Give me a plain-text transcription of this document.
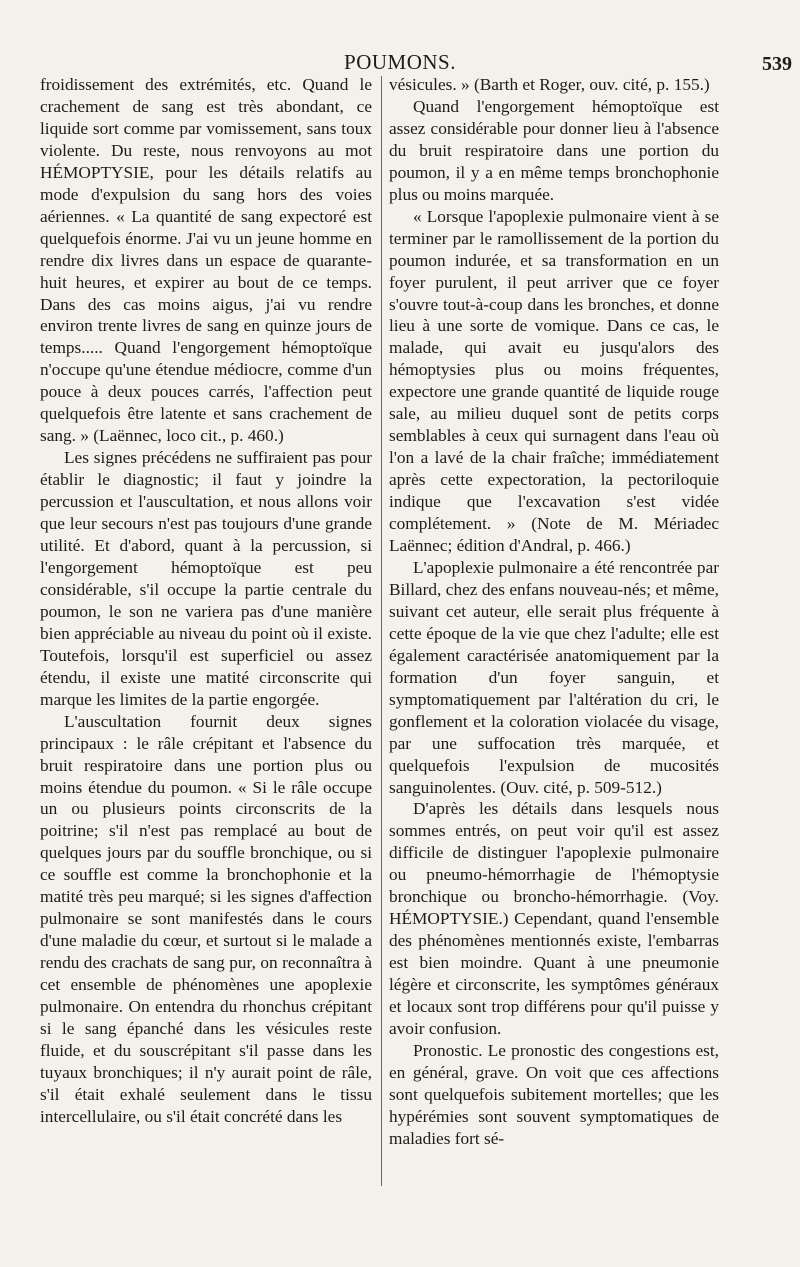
POUMONS.	539

froidissement des extrémités, etc. Quand le crachement de sang est très abondant, ce liquide sort comme par vomissement, sans toux violente. Du reste, nous renvoyons au mot HÉMOPTYSIE, pour les détails relatifs au mode d'expulsion du sang hors des voies aériennes. « La quantité de sang expectoré est quelquefois énorme. J'ai vu un jeune homme en rendre dix livres dans un espace de quarante-huit heures, et expirer au bout de ce temps. Dans des cas moins aigus, j'ai vu rendre environ trente livres de sang en quinze jours de temps..... Quand l'engorgement hémoptoïque n'occupe qu'une étendue médiocre, comme d'un pouce à deux pouces carrés, l'affection peut quelquefois être latente et sans crachement de sang. » (Laënnec, loco cit., p. 460.)

Les signes précédens ne suffiraient pas pour établir le diagnostic; il faut y joindre la percussion et l'auscultation, et nous allons voir que leur secours n'est pas toujours d'une grande utilité. Et d'abord, quant à la percussion, si l'engorgement hémoptoïque est peu considérable, s'il occupe la partie centrale du poumon, le son ne variera pas d'une manière bien appréciable au niveau du point où il existe. Toutefois, lorsqu'il est superficiel ou assez étendu, il existe une matité circonscrite qui marque les limites de la partie engorgée.

L'auscultation fournit deux signes principaux : le râle crépitant et l'absence du bruit respiratoire dans une portion plus ou moins étendue du poumon. « Si le râle occupe un ou plusieurs points circonscrits de la poitrine; s'il n'est pas remplacé au bout de quelques jours par du souffle bronchique, ou si ce souffle est comme la bronchophonie et la matité très peu marqué; si les signes d'affection pulmonaire se sont manifestés dans le cours d'une maladie du cœur, et surtout si le malade a rendu des crachats de sang pur, on reconnaîtra à cet ensemble de phénomènes une apoplexie pulmonaire. On entendra du rhonchus crépitant si le sang épanché dans les vésicules reste fluide, et du souscrépitant s'il passe dans les tuyaux bronchiques; il n'y aurait point de râle, s'il était exhalé seulement dans le tissu intercellulaire, ou s'il était concrété dans les

vésicules. » (Barth et Roger, ouv. cité, p. 155.)

Quand l'engorgement hémoptoïque est assez considérable pour donner lieu à l'absence du bruit respiratoire dans une portion du poumon, il y a en même temps bronchophonie plus ou moins marquée.

« Lorsque l'apoplexie pulmonaire vient à se terminer par le ramollissement de la portion du poumon indurée, et sa transformation en un foyer purulent, il peut arriver que ce foyer s'ouvre tout-à-coup dans les bronches, et donne lieu à une sorte de vomique. Dans ce cas, le malade, qui avait eu jusqu'alors des hémoptysies plus ou moins fréquentes, expectore une grande quantité de liquide rouge sale, au milieu duquel sont de petits corps semblables à ceux qui surnagent dans l'eau où l'on a lavé de la chair fraîche; immédiatement après cette expectoration, la pectoriloquie indique que l'excavation s'est vidée complétement. » (Note de M. Mériadec Laënnec; édition d'Andral, p. 466.)

L'apoplexie pulmonaire a été rencontrée par Billard, chez des enfans nouveau-nés; et même, suivant cet auteur, elle serait plus fréquente à cette époque de la vie que chez l'adulte; elle est également caractérisée anatomiquement par la formation d'un foyer sanguin, et symptomatiquement par l'altération du cri, le gonflement et la coloration violacée du visage, par une suffocation très marquée, et quelquefois l'expulsion de mucosités sanguinolentes. (Ouv. cité, p. 509-512.)

D'après les détails dans lesquels nous sommes entrés, on peut voir qu'il est assez difficile de distinguer l'apoplexie pulmonaire ou pneumo-hémorrhagie de l'hémoptysie bronchique ou broncho-hémorrhagie. (Voy. HÉMOPTYSIE.) Cependant, quand l'ensemble des phénomènes mentionnés existe, l'embarras est bien moindre. Quant à une pneumonie légère et circonscrite, les symptômes généraux et locaux sont trop différens pour qu'il puisse y avoir confusion.

Pronostic. Le pronostic des congestions est, en général, grave. On voit que ces affections sont quelquefois subitement mortelles; que les hypérémies sont souvent symptomatiques de maladies fort sé-
